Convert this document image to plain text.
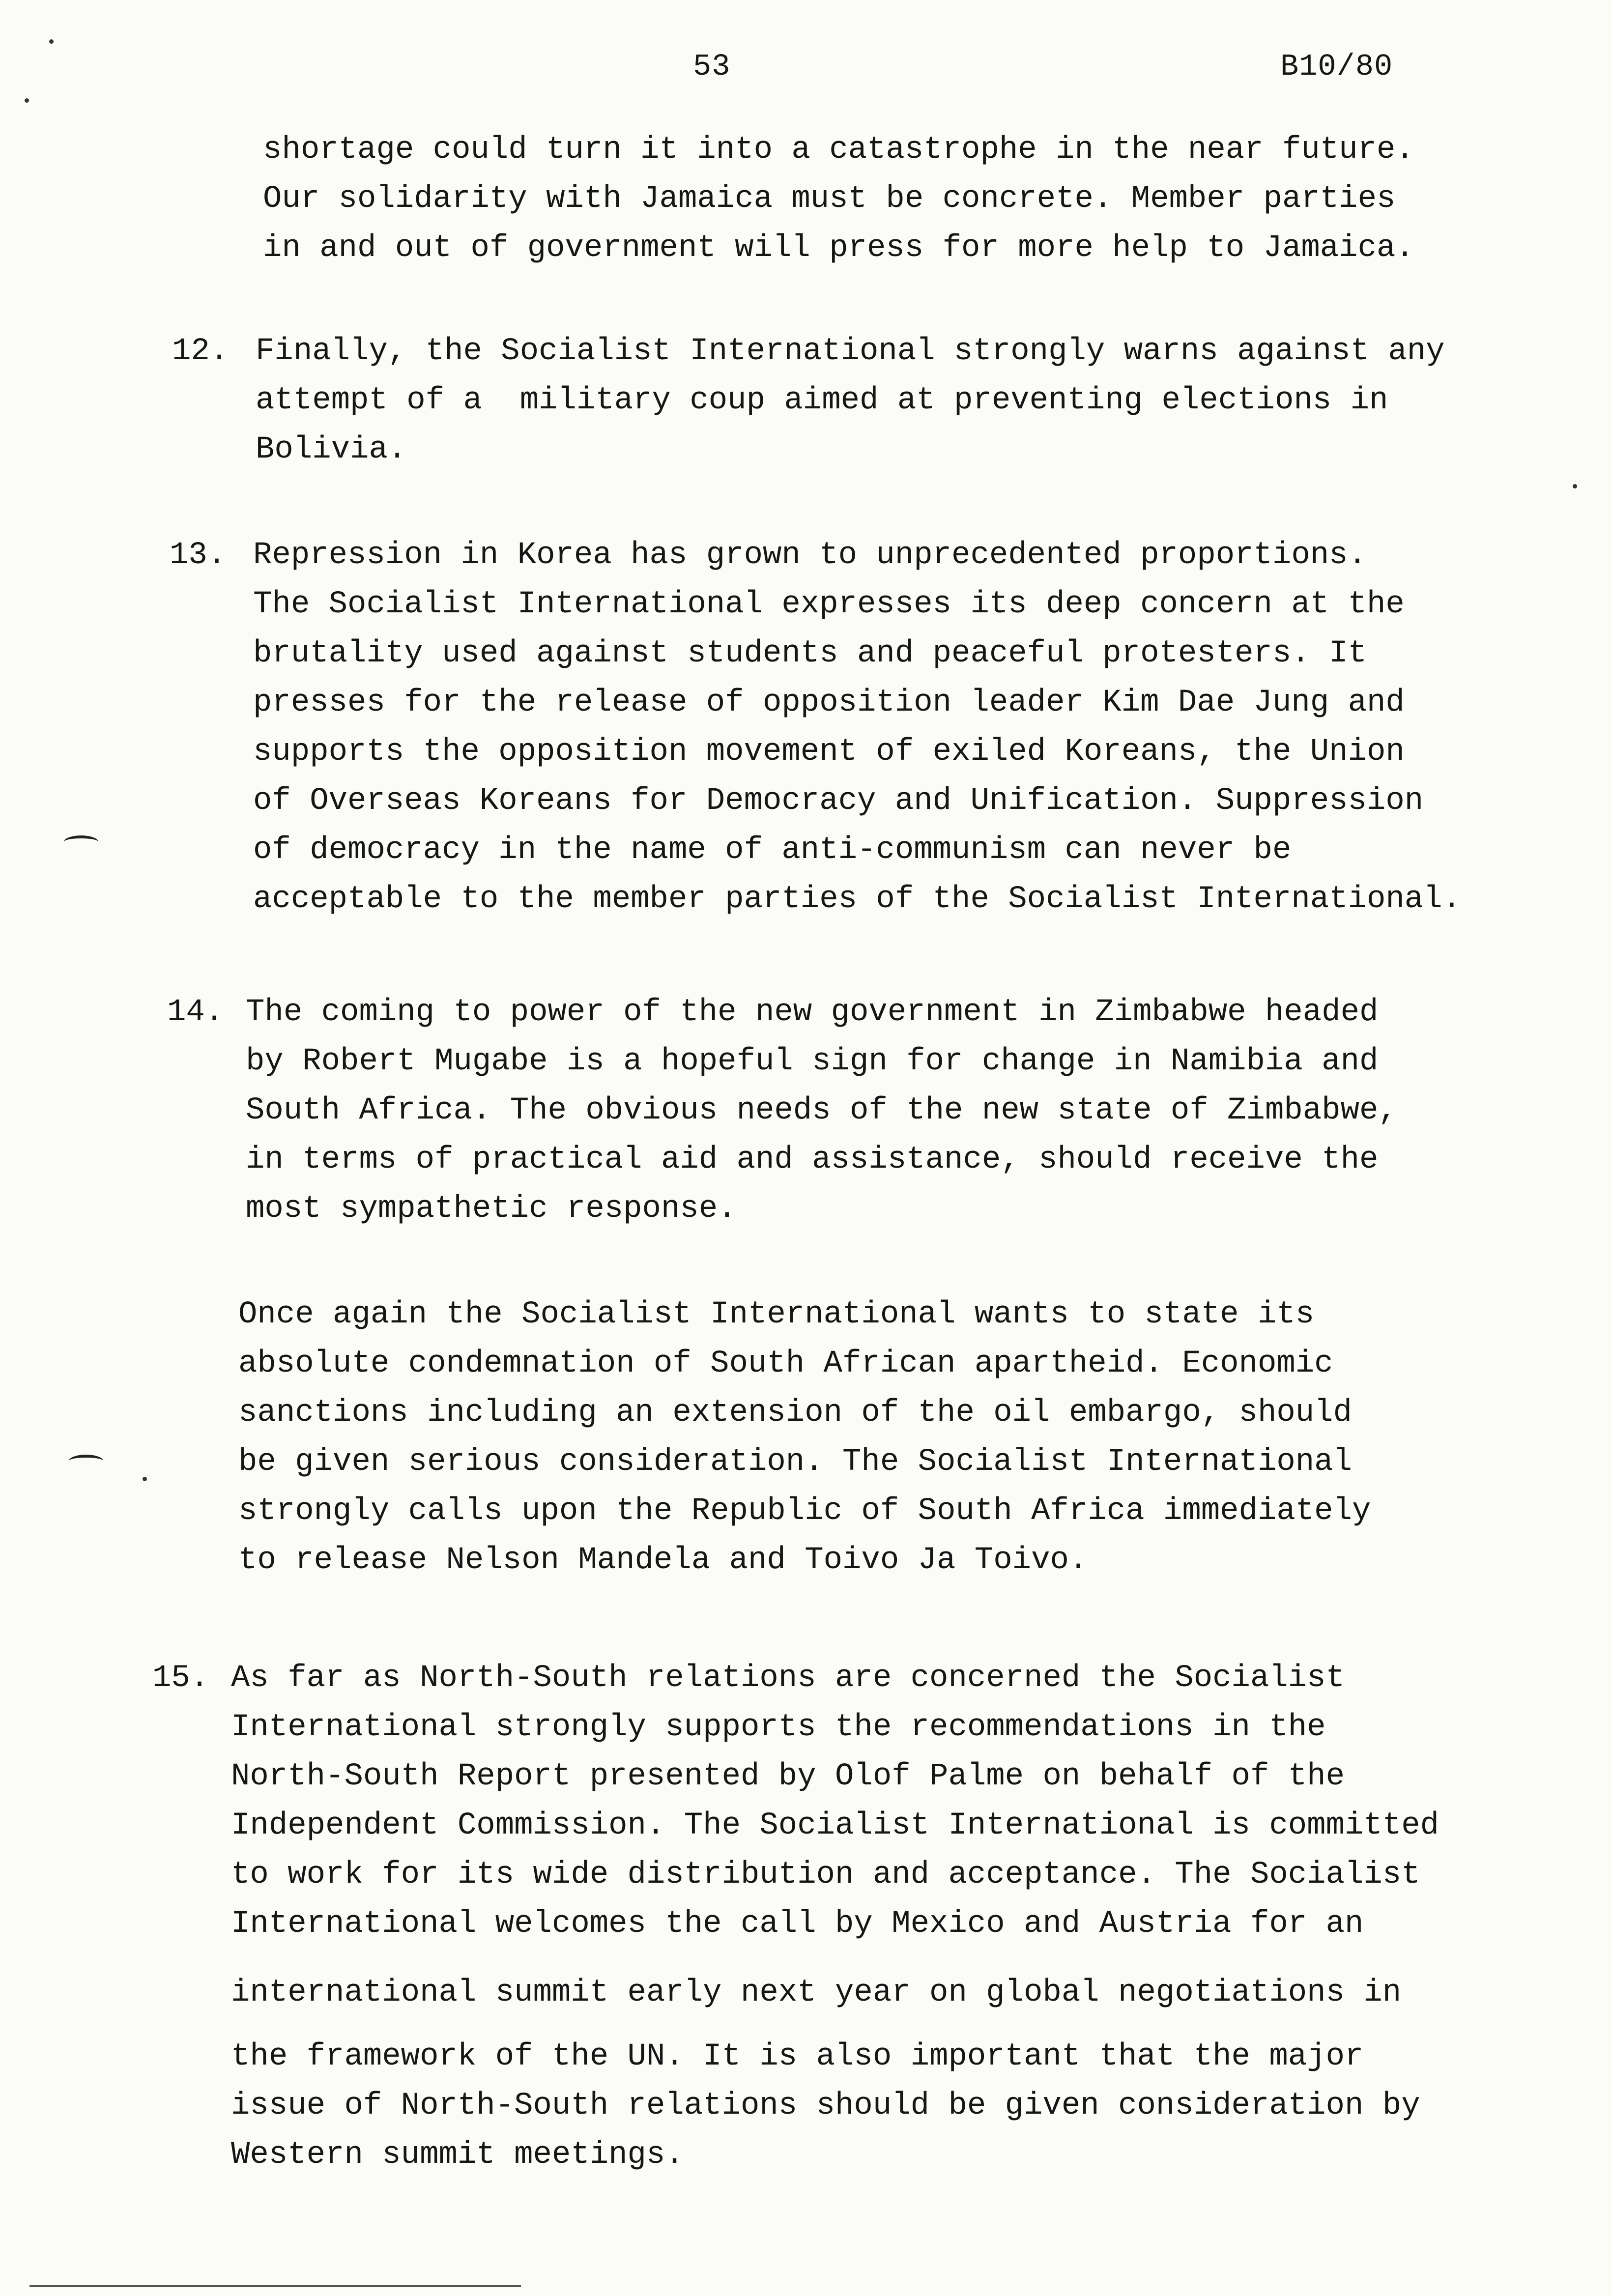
53	B10/80
shortage could turn it into a catastrophe in the near future.
Our solidarity with Jamaica must be concrete. Member parties
in and out of government will press for more help to Jamaica.
12. Finally, the Socialist International strongly warns against any
attempt of a  military coup aimed at preventing elections in
Bolivia.
13. Repression in Korea has grown to unprecedented proportions.
The Socialist International expresses its deep concern at the
brutality used against students and peaceful protesters. It
presses for the release of opposition leader Kim Dae Jung and
supports the opposition movement of exiled Koreans, the Union
of Overseas Koreans for Democracy and Unification. Suppression
of democracy in the name of anti-communism can never be
acceptable to the member parties of the Socialist International.
14. The coming to power of the new government in Zimbabwe headed
by Robert Mugabe is a hopeful sign for change in Namibia and
South Africa. The obvious needs of the new state of Zimbabwe,
in terms of practical aid and assistance, should receive the
most sympathetic response.
Once again the Socialist International wants to state its
absolute condemnation of South African apartheid. Economic
sanctions including an extension of the oil embargo, should
be given serious consideration. The Socialist International
strongly calls upon the Republic of South Africa immediately
to release Nelson Mandela and Toivo Ja Toivo.
15. As far as North-South relations are concerned the Socialist
International strongly supports the recommendations in the
North-South Report presented by Olof Palme on behalf of the
Independent Commission. The Socialist International is committed
to work for its wide distribution and acceptance. The Socialist
International welcomes the call by Mexico and Austria for an
international summit early next year on global negotiations in
the framework of the UN. It is also important that the major
issue of North-South relations should be given consideration by
Western summit meetings.
